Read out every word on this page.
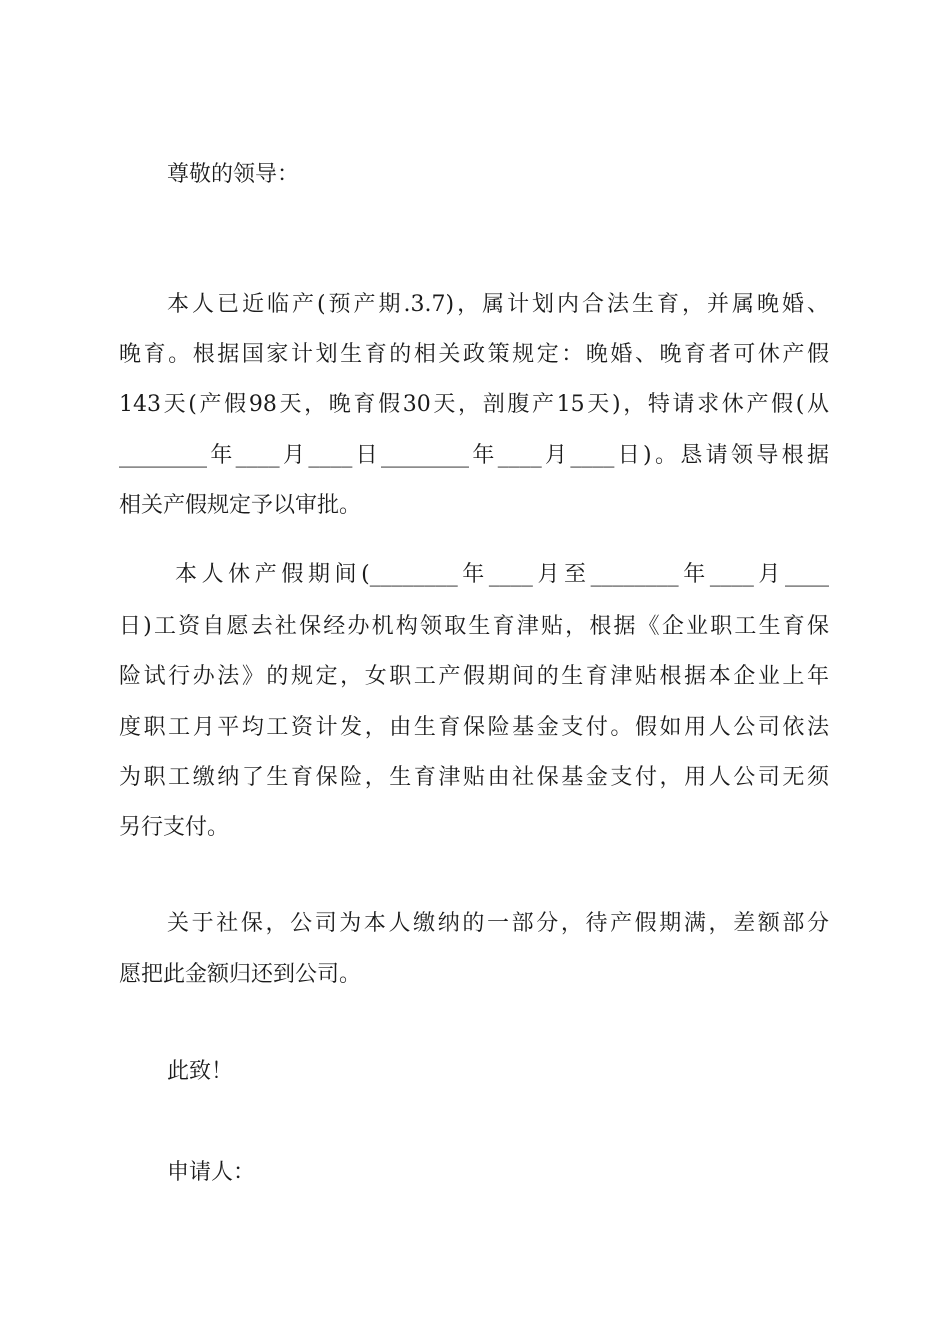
尊敬的领导：
本人已近临产(预产期.3.7)，属计划内合法生育，并属晚婚、
晚育。根据国家计划生育的相关政策规定：晚婚、晚育者可休产假
143天(产假98天，晚育假30天，剖腹产15天)，特请求休产假(从
________年____月____日________年____月____日)。恳请领导根据
相关产假规定予以审批。
本人休产假期间(________年____月至________年____月____
日)工资自愿去社保经办机构领取生育津贴，根据《企业职工生育保
险试行办法》的规定，女职工产假期间的生育津贴根据本企业上年
度职工月平均工资计发，由生育保险基金支付。假如用人公司依法
为职工缴纳了生育保险，生育津贴由社保基金支付，用人公司无须
另行支付。
关于社保，公司为本人缴纳的一部分，待产假期满，差额部分
愿把此金额归还到公司。
此致！
申请人：
